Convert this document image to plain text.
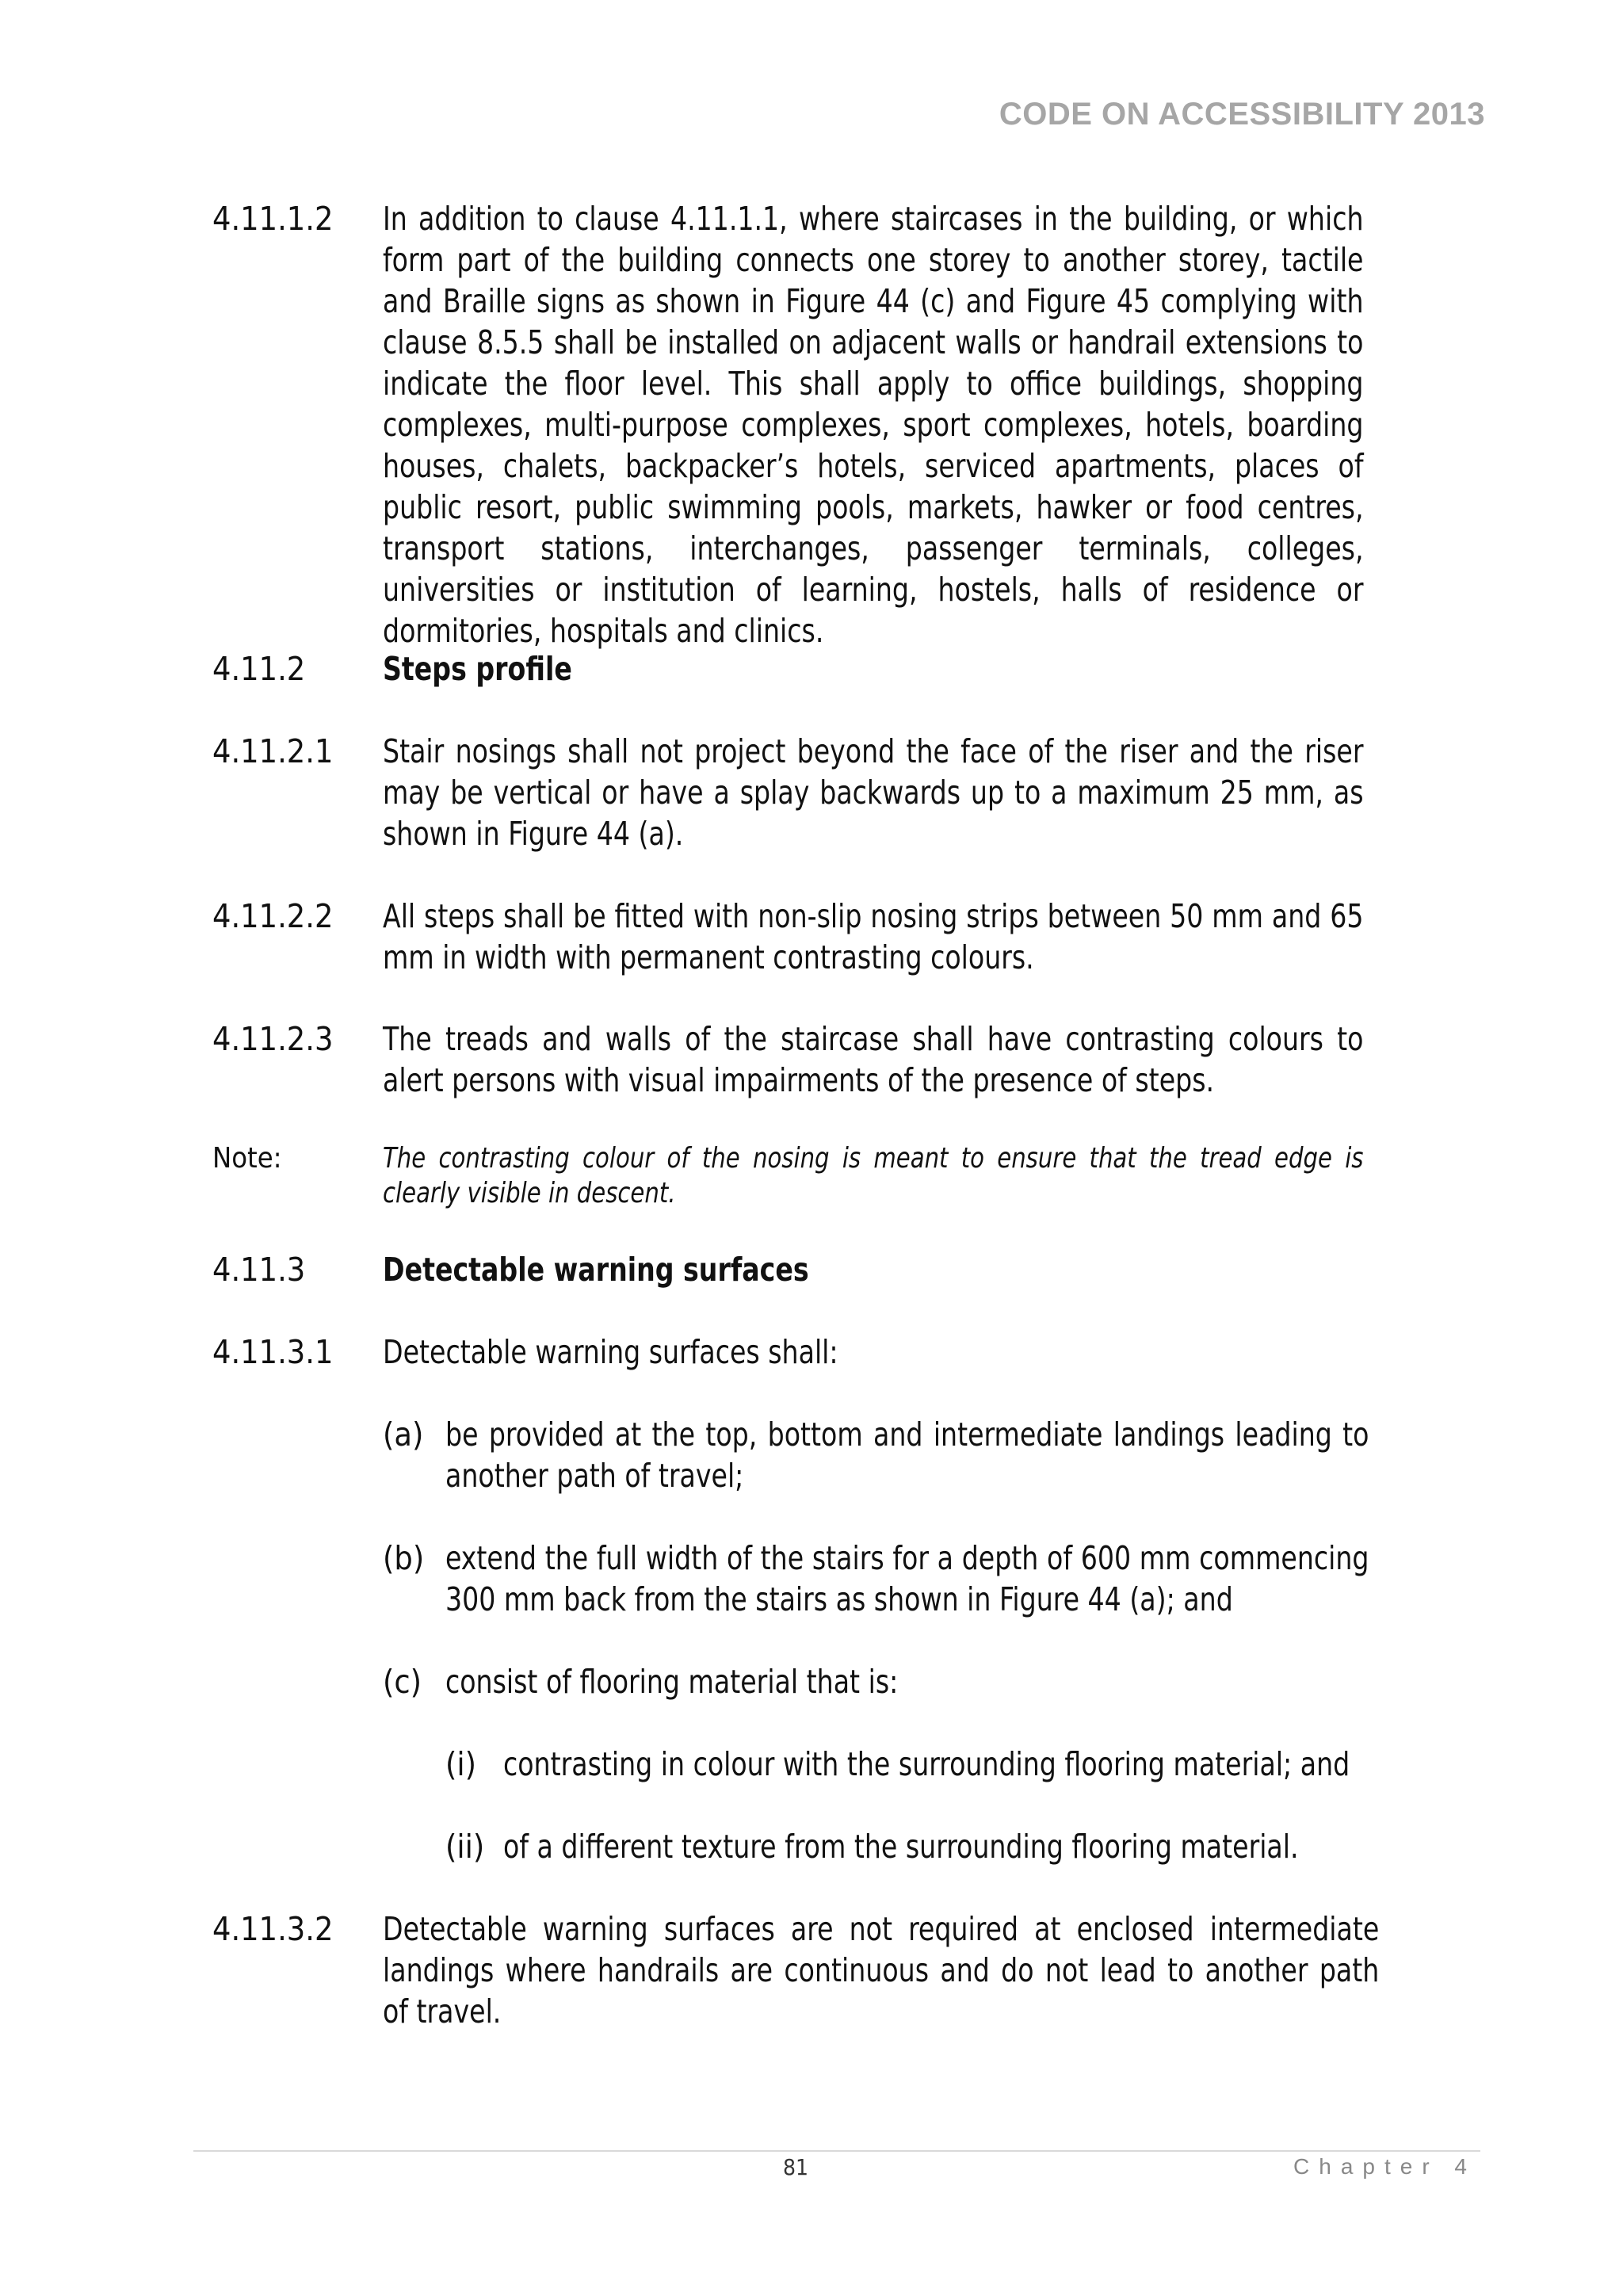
CODE ON ACCESSIBILITY 2013
4.11.1.2 In addition to clause 4.11.1.1, where staircases in the building, or which form part of the building connects one storey to another storey, tactile and Braille signs as shown in Figure 44 (c) and Figure 45 complying with clause 8.5.5 shall be installed on adjacent walls or handrail extensions to indicate the floor level. This shall apply to office buildings, shopping complexes, multi-purpose complexes, sport complexes, hotels, boarding houses, chalets, backpacker’s hotels, serviced apartments, places of public resort, public swimming pools, markets, hawker or food centres, transport stations, interchanges, passenger terminals, colleges, universities or institution of learning, hostels, halls of residence or dormitories, hospitals and clinics.
4.11.2 Steps profile
4.11.2.1 Stair nosings shall not project beyond the face of the riser and the riser may be vertical or have a splay backwards up to a maximum 25 mm, as shown in Figure 44 (a).
4.11.2.2 All steps shall be fitted with non-slip nosing strips between 50 mm and 65 mm in width with permanent contrasting colours.
4.11.2.3 The treads and walls of the staircase shall have contrasting colours to alert persons with visual impairments of the presence of steps.
Note:	The contrasting colour of the nosing is meant to ensure that the tread edge is clearly visible in descent.
4.11.3 Detectable warning surfaces
4.11.3.1 Detectable warning surfaces shall:
(a) be provided at the top, bottom and intermediate landings leading to another path of travel;
(b) extend the full width of the stairs for a depth of 600 mm commencing 300 mm back from the stairs as shown in Figure 44 (a); and
(c) consist of flooring material that is:
(i) contrasting in colour with the surrounding flooring material; and
(ii) of a different texture from the surrounding flooring material.
4.11.3.2 Detectable warning surfaces are not required at enclosed intermediate landings where handrails are continuous and do not lead to another path of travel.
81	Chapter 4
